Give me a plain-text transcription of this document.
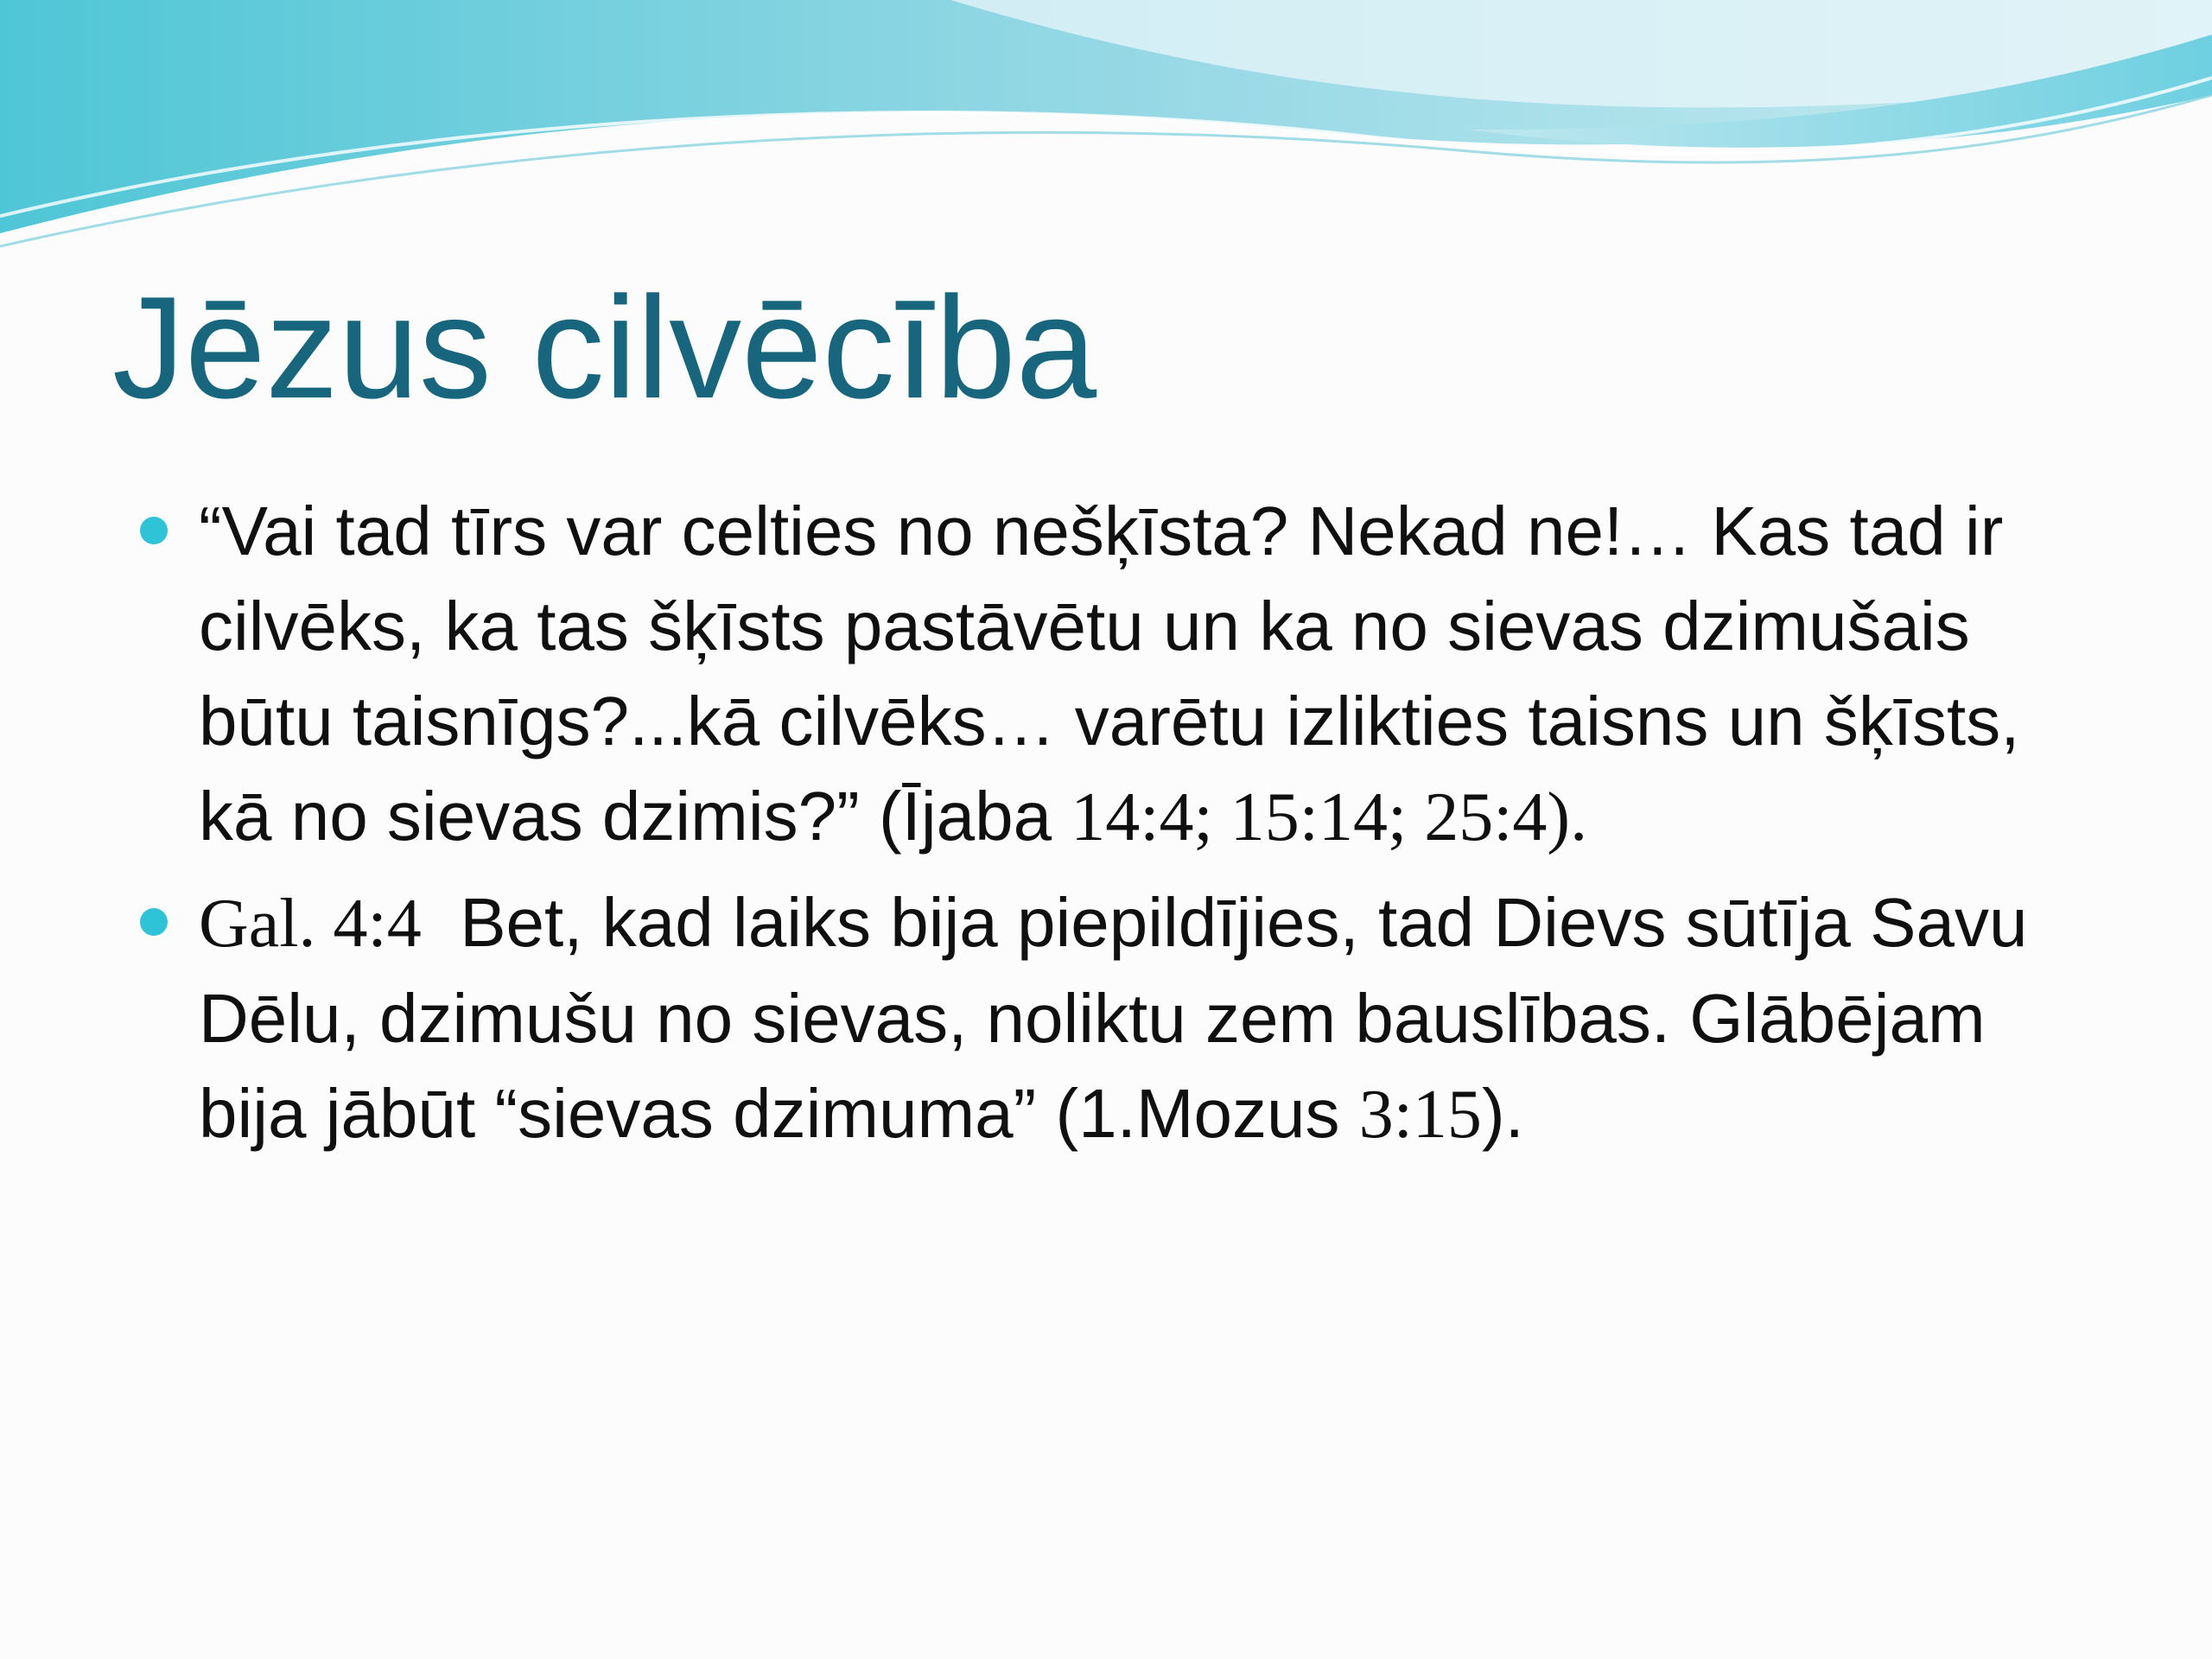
Jēzus cilvēcība
“Vai tad tīrs var celties no nešķīsta? Nekad ne!… Kas tad ir cilvēks, ka tas šķīsts pastāvētu un ka no sievas dzimušais būtu taisnīgs?...kā cilvēks… varētu izlikties taisns un šķīsts, kā no sievas dzimis?” (Ījaba 14:4; 15:14; 25:4).
Gal. 4:4  Bet, kad laiks bija piepildījies, tad Dievs sūtīja Savu Dēlu, dzimušu no sievas, noliktu zem bauslības. Glābējam bija jābūt “sievas dzimuma” (1.Mozus 3:15).
